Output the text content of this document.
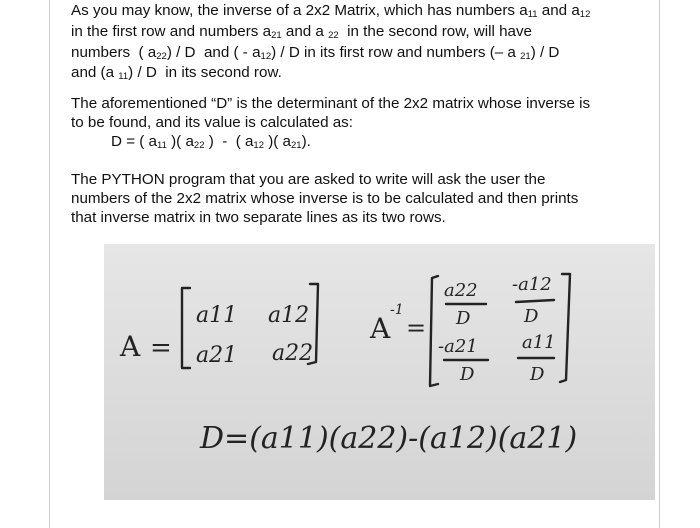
As you may know, the inverse of a 2x2 Matrix, which has numbers a11 and a12
in the first row and numbers a21 and a 22  in the second row, will have
numbers  ( a22) / D  and ( - a12) / D in its first row and numbers (– a 21) / D
and (a 11) / D  in its second row.
The aforementioned “D” is the determinant of the 2x2 matrix whose inverse is
to be found, and its value is calculated as:
D = ( a11 )( a22 )  -  ( a12 )( a21).
The PYTHON program that you are asked to write will ask the user the
numbers of the 2x2 matrix whose inverse is to be calculated and then prints
that inverse matrix in two separate lines as its two rows.
A =
a11 a12
a21 a22
A
-1
=
a22
D
-a12
D
-a21
D
a11
D
D=(a11)(a22)-(a12)(a21)
